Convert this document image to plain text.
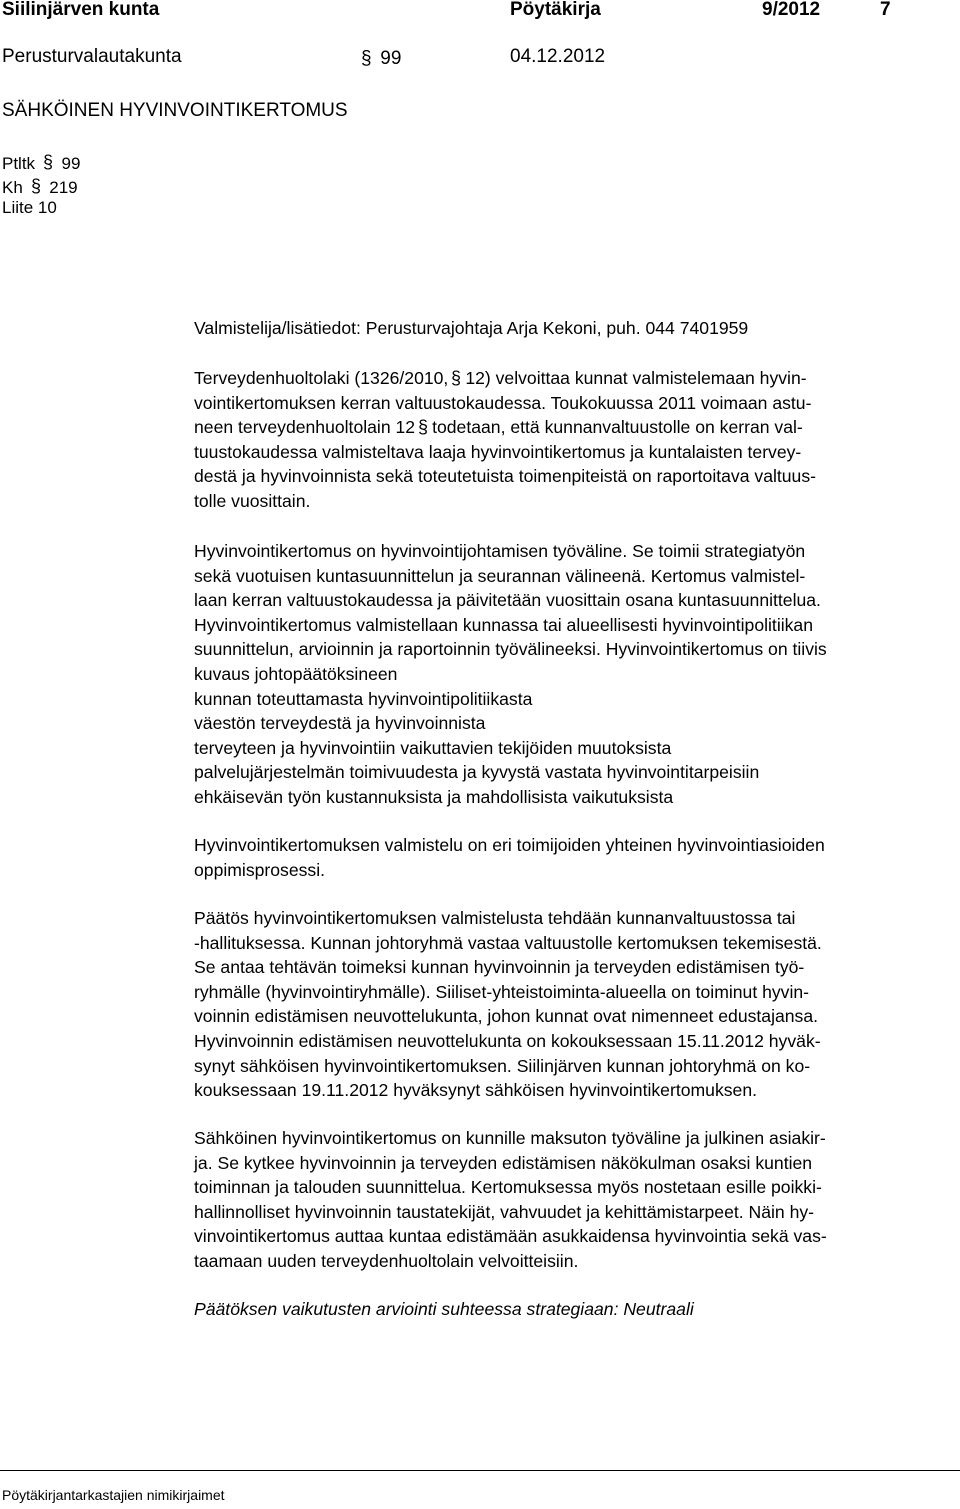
Siilinjärven kunta	Pöytäkirja	9/2012	7
Perusturvalautakunta	§ 99	04.12.2012
SÄHKÖINEN HYVINVOINTIKERTOMUS
Ptltk § 99
Kh § 219
Liite 10
Valmistelija/lisätiedot: Perusturvajohtaja Arja Kekoni, puh. 044 7401959
Terveydenhuoltolaki (1326/2010, § 12) velvoittaa kunnat valmistelemaan hyvin-
vointikertomuksen kerran valtuustokaudessa. Toukokuussa 2011 voimaan astu-
neen terveydenhuoltolain 12 § todetaan, että kunnanvaltuustolle on kerran val-
tuustokaudessa valmisteltava laaja hyvinvointikertomus ja kuntalaisten tervey-
destä ja hyvinvoinnista sekä toteutetuista toimenpiteistä on raportoitava valtuus-
tolle vuosittain.
Hyvinvointikertomus on hyvinvointijohtamisen työväline. Se toimii strategiatyön
sekä vuotuisen kuntasuunnittelun ja seurannan välineenä. Kertomus valmistel-
laan kerran valtuustokaudessa ja päivitetään vuosittain osana kuntasuunnittelua.
Hyvinvointikertomus valmistellaan kunnassa tai alueellisesti hyvinvointipolitiikan
suunnittelun, arvioinnin ja raportoinnin työvälineeksi. Hyvinvointikertomus on tiivis
kuvaus johtopäätöksineen
kunnan toteuttamasta hyvinvointipolitiikasta
väestön terveydestä ja hyvinvoinnista
terveyteen ja hyvinvointiin vaikuttavien tekijöiden muutoksista
palvelujärjestelmän toimivuudesta ja kyvystä vastata hyvinvointitarpeisiin
ehkäisevän työn kustannuksista ja mahdollisista vaikutuksista
Hyvinvointikertomuksen valmistelu on eri toimijoiden yhteinen hyvinvointiasioiden
oppimisprosessi.
Päätös hyvinvointikertomuksen valmistelusta tehdään kunnanvaltuustossa tai
-hallituksessa. Kunnan johtoryhmä vastaa valtuustolle kertomuksen tekemisestä.
Se antaa tehtävän toimeksi kunnan hyvinvoinnin ja terveyden edistämisen työ-
ryhmälle (hyvinvointiryhmälle). Siiliset-yhteistoiminta-alueella on toiminut hyvin-
voinnin edistämisen neuvottelukunta, johon kunnat ovat nimenneet edustajansa.
Hyvinvoinnin edistämisen neuvottelukunta on kokouksessaan 15.11.2012 hyväk-
synyt sähköisen hyvinvointikertomuksen. Siilinjärven kunnan johtoryhmä on ko-
kouksessaan 19.11.2012 hyväksynyt sähköisen hyvinvointikertomuksen.
Sähköinen hyvinvointikertomus on kunnille maksuton työväline ja julkinen asiakir-
ja. Se kytkee hyvinvoinnin ja terveyden edistämisen näkökulman osaksi kuntien
toiminnan ja talouden suunnittelua. Kertomuksessa myös nostetaan esille poikki-
hallinnolliset hyvinvoinnin taustatekijät, vahvuudet ja kehittämistarpeet. Näin hy-
vinvointikertomus auttaa kuntaa edistämään asukkaidensa hyvinvointia sekä vas-
taamaan uuden terveydenhuoltolain velvoitteisiin.
Päätöksen vaikutusten arviointi suhteessa strategiaan: Neutraali
Pöytäkirjantarkastajien nimikirjaimet
